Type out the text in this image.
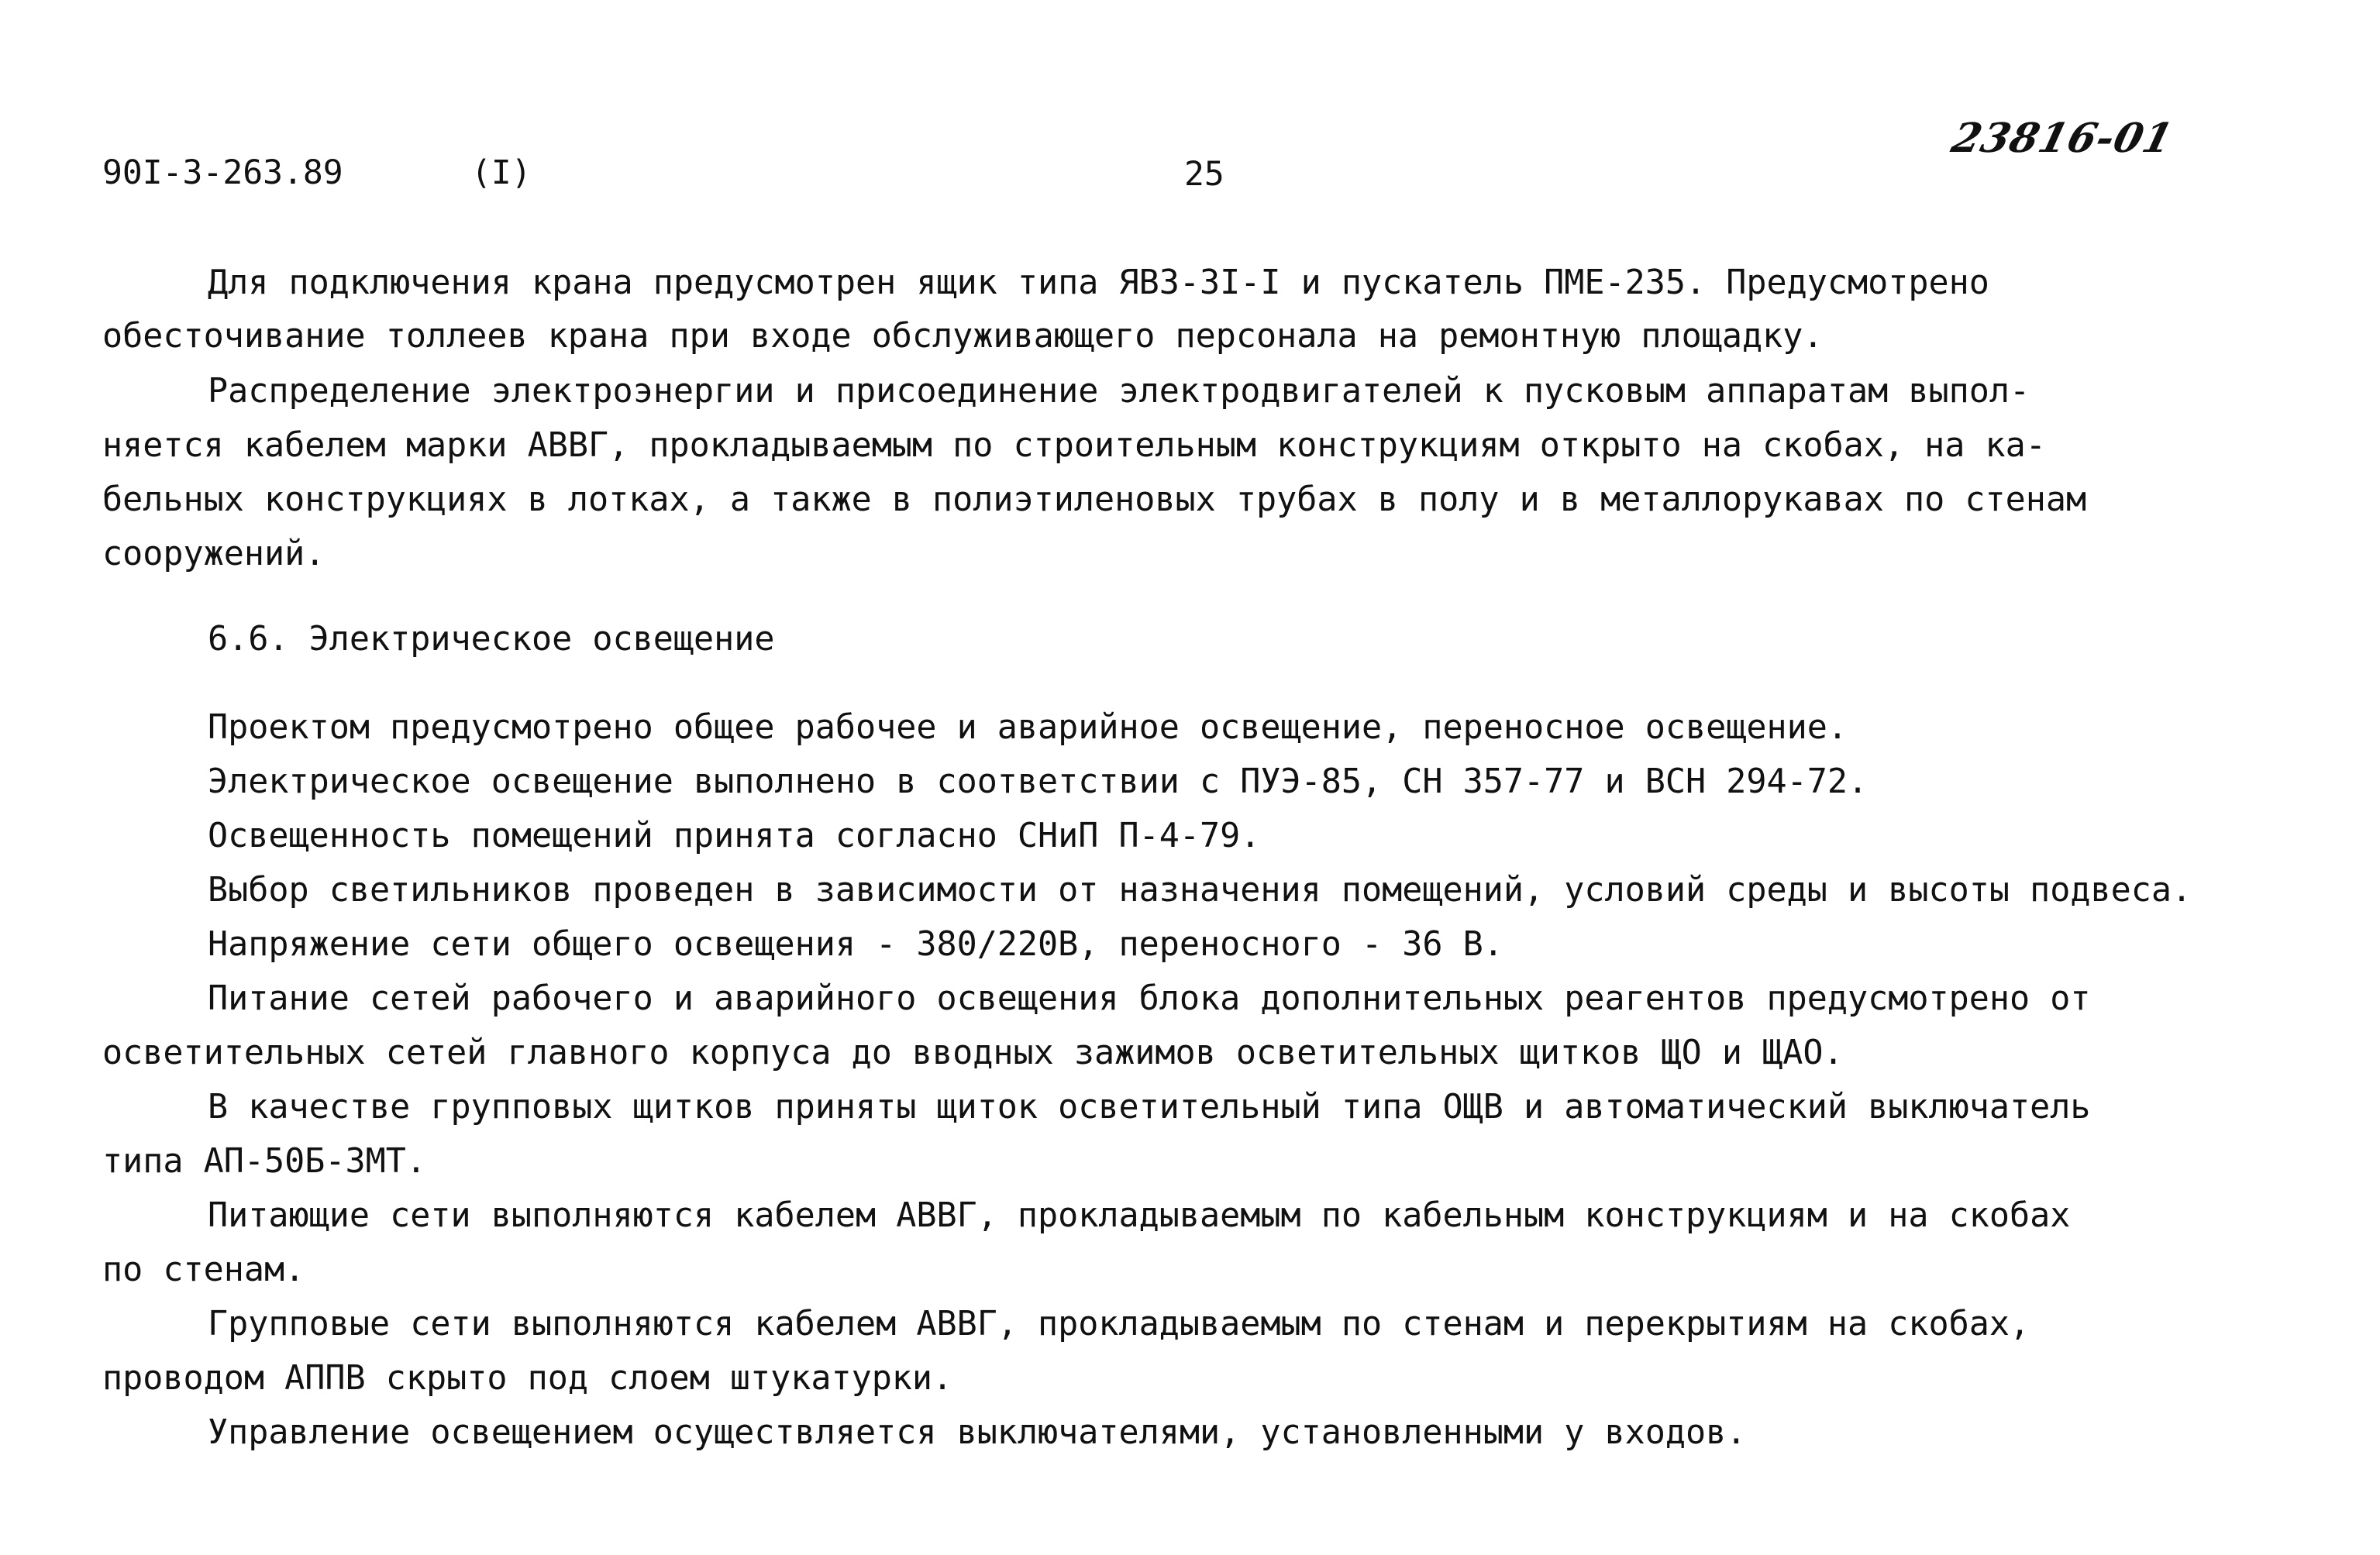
90I-3-263.89	(I)	25
23816-01
Для подключения крана предусмотрен ящик типа ЯВЗ-3I-I и пускатель ПМЕ-235. Предусмотрено
обесточивание толлеев крана при входе обслуживающего персонала на ремонтную площадку.
Распределение электроэнергии и присоединение электродвигателей к пусковым аппаратам выпол-
няется кабелем марки АВВГ, прокладываемым по строительным конструкциям открыто на скобах, на ка-
бельных конструкциях в лотках, а также в полиэтиленовых трубах в полу и в металлорукавах по стенам
сооружений.
6.6. Электрическое освещение
Проектом предусмотрено общее рабочее и аварийное освещение, переносное освещение.
Электрическое освещение выполнено в соответствии с ПУЭ-85, СН 357-77 и ВСН 294-72.
Освещенность помещений принята согласно СНиП П-4-79.
Выбор светильников проведен в зависимости от назначения помещений, условий среды и высоты подвеса.
Напряжение сети общего освещения - 380/220В, переносного - 36 В.
Питание сетей рабочего и аварийного освещения блока дополнительных реагентов предусмотрено от
осветительных сетей главного корпуса до вводных зажимов осветительных щитков ЩО и ЩАО.
В качестве групповых щитков приняты щиток осветительный типа ОЩВ и автоматический выключатель
типа АП-50Б-3МТ.
Питающие сети выполняются кабелем АВВГ, прокладываемым по кабельным конструкциям и на скобах
по стенам.
Групповые сети выполняются кабелем АВВГ, прокладываемым по стенам и перекрытиям на скобах,
проводом АППВ скрыто под слоем штукатурки.
Управление освещением осуществляется выключателями, установленными у входов.
